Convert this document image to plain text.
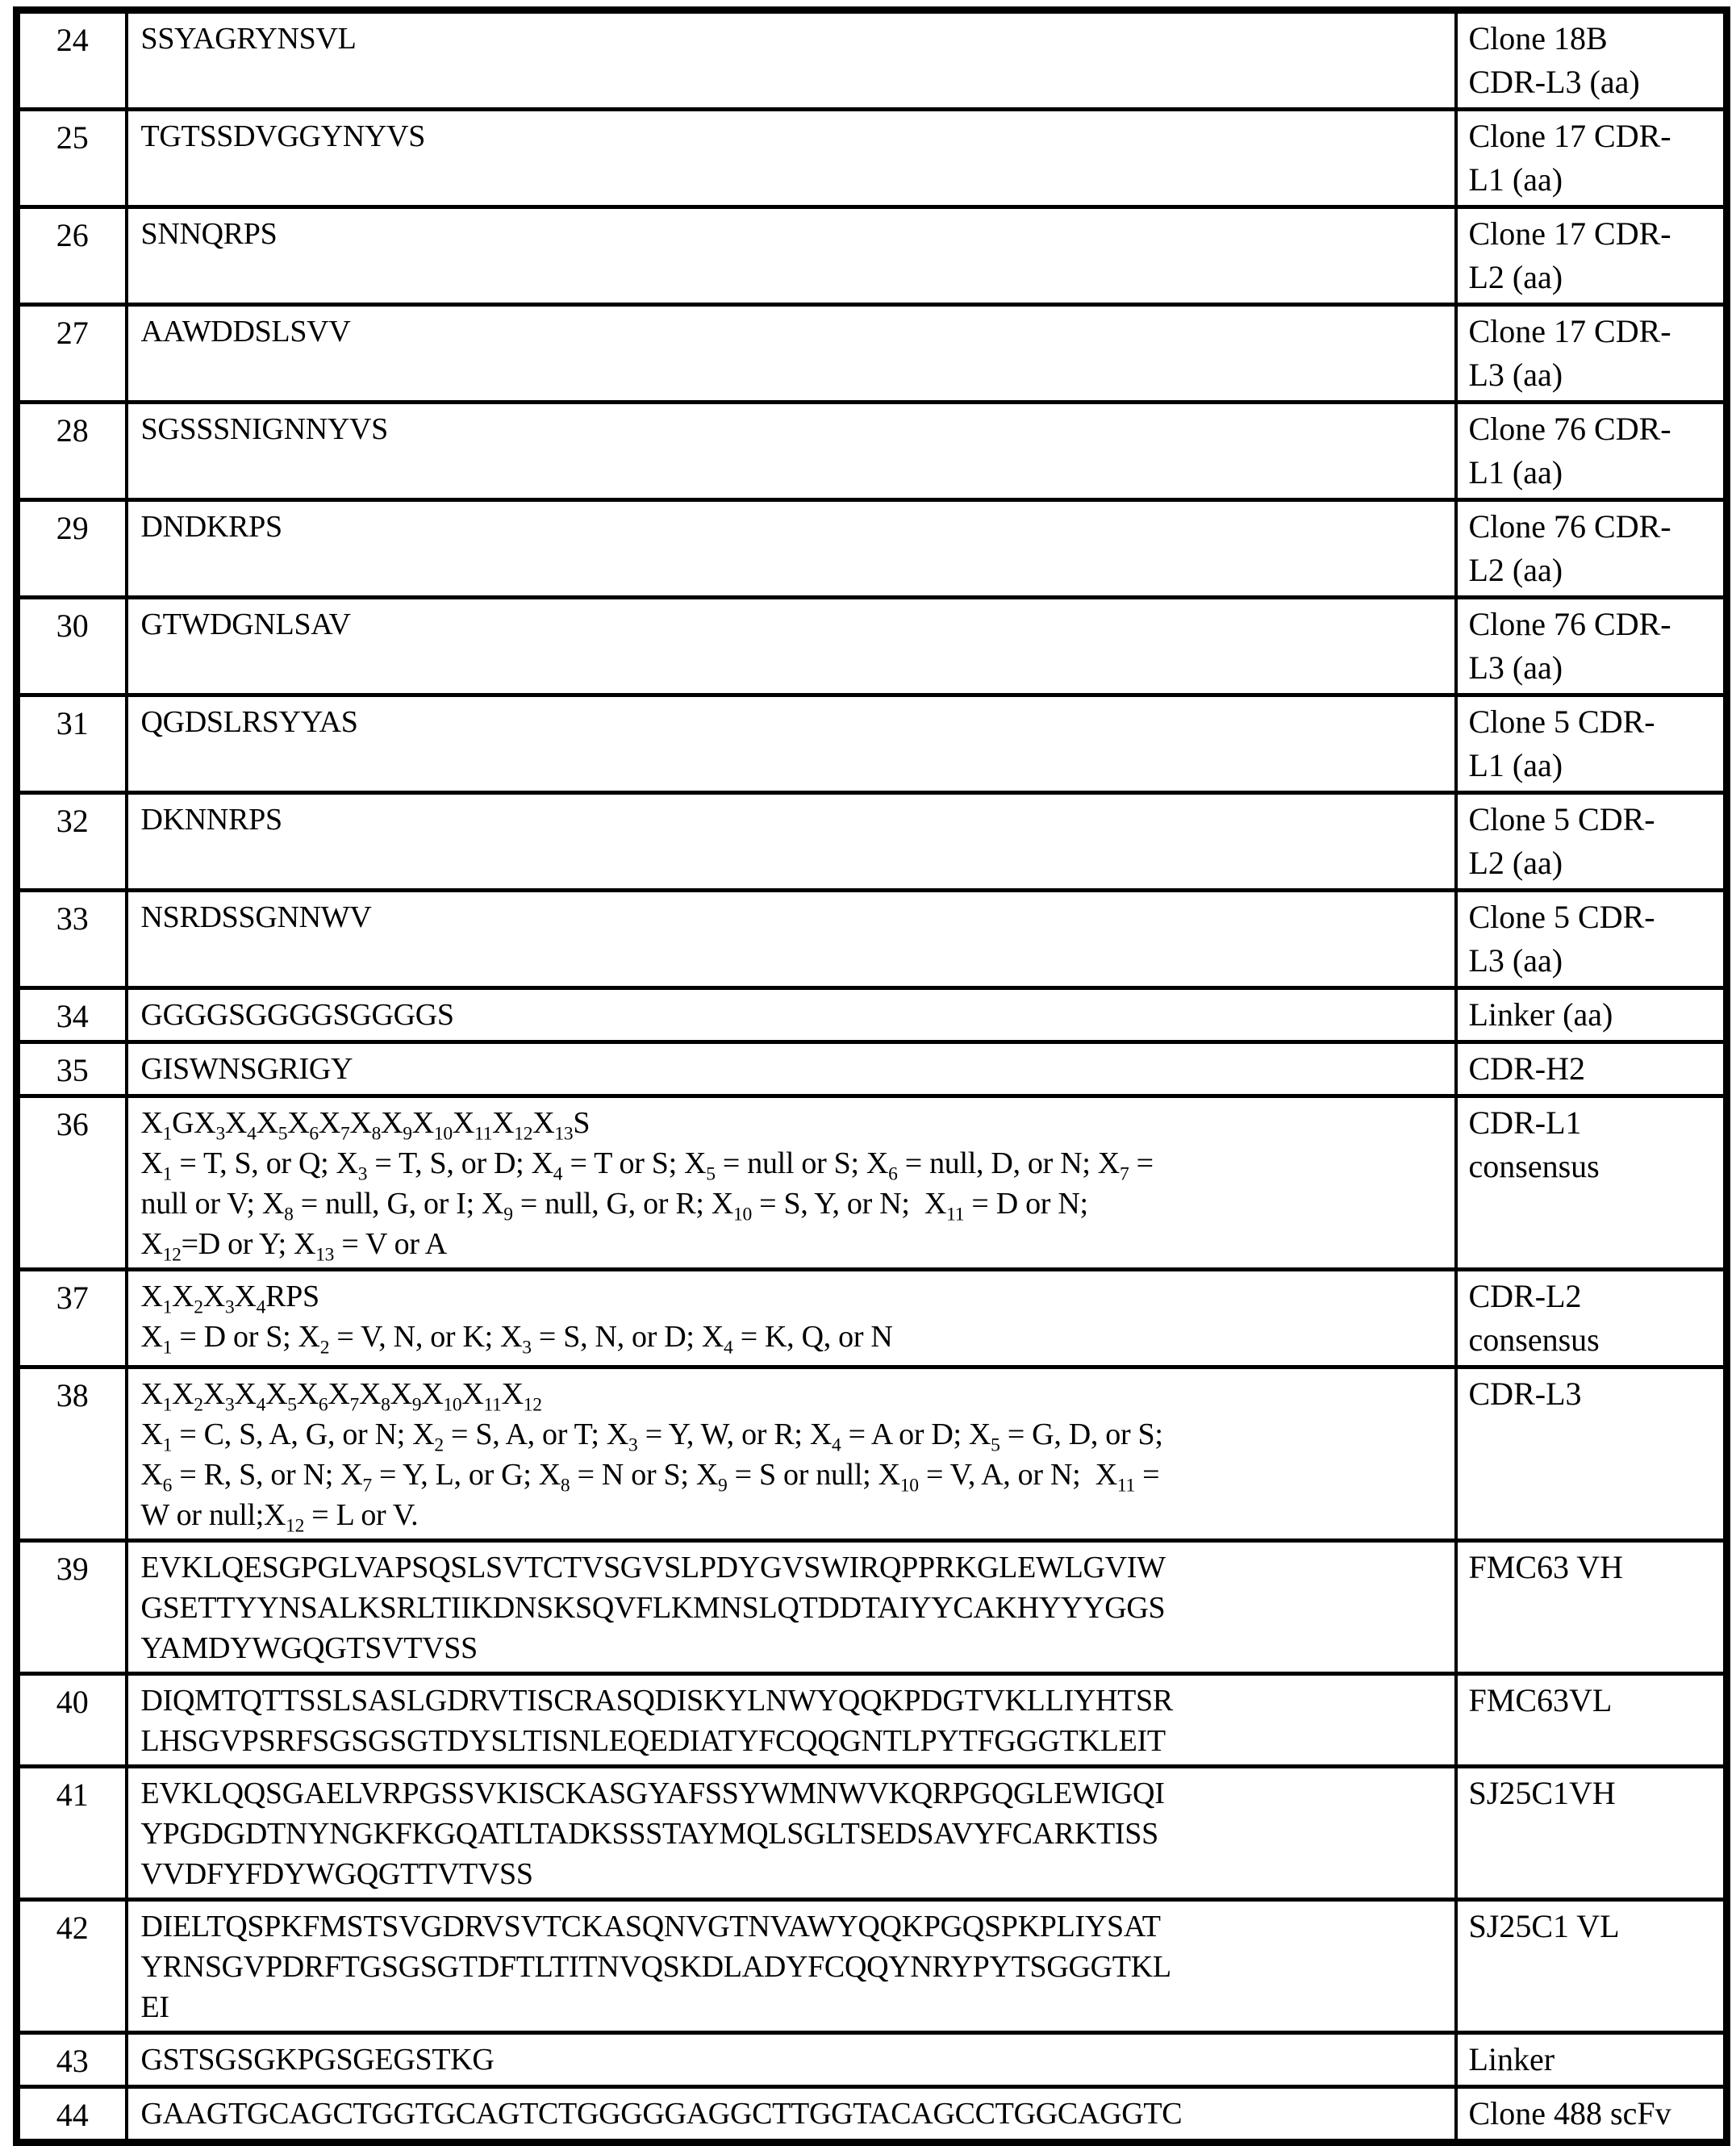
24	SSYAGRYNSVL	Clone 18B CDR-L3 (aa)
25	TGTSSDVGGYNYVS	Clone 17 CDR-L1 (aa)
26	SNNQRPS	Clone 17 CDR-L2 (aa)
27	AAWDDSLSVV	Clone 17 CDR-L3 (aa)
28	SGSSSNIGNNYVS	Clone 76 CDR-L1 (aa)
29	DNDKRPS	Clone 76 CDR-L2 (aa)
30	GTWDGNLSAV	Clone 76 CDR-L3 (aa)
31	QGDSLRSYYAS	Clone 5 CDR-L1 (aa)
32	DKNNRPS	Clone 5 CDR-L2 (aa)
33	NSRDSSGNNWV	Clone 5 CDR-L3 (aa)
34	GGGGSGGGGSGGGGS	Linker (aa)
35	GISWNSGRIGY	CDR-H2
36	$X_1GX_3X_4X_5X_6X_7X_8X_9X_{10}X_{11}X_{12}X_{13}S$
$X_1 = T$, S, or Q; $X_3 = T$, S, or D; $X_4 = T$ or S; $X_5$ = null or S; $X_6$ = null, D, or N; $X_7$ =
null or V; $X_8$ = null, G, or I; $X_9$ = null, G, or R; $X_{10} = S$, Y, or N;  $X_{11} = D$ or N;
$X_{12}=D$ or Y; $X_{13} = V$ or A	CDR-L1 consensus
37	$X_1X_2X_3X_4RPS$
$X_1 = D$ or S; $X_2 = V$, N, or K; $X_3 = S$, N, or D; $X_4 = K$, Q, or N	CDR-L2 consensus
38	$X_1X_2X_3X_4X_5X_6X_7X_8X_9X_{10}X_{11}X_{12}$
$X_1 = C$, S, A, G, or N; $X_2 = S$, A, or T; $X_3 = Y$, W, or R; $X_4 = A$ or D; $X_5 = G$, D, or S;
$X_6 = R$, S, or N; $X_7 = Y$, L, or G; $X_8 = N$ or S; $X_9 = S$ or null; $X_{10} = V$, A, or N;  $X_{11}$ =
W or $null;X_{12} = L$ or V.	CDR-L3
39	EVKLQESGPGLVAPSQSLSVTCTVSGVSLPDYGVSWIRQPPRKGLEWLGVIW
GSETTYYNSALKSRLTIIKDNSKSQVFLKMNSLQTDDTAIYYCAKHYYYGGS
YAMDYWGQGTSVTVSS	FMC63 VH
40	DIQMTQTTSSLSASLGDRVTISCRASQDISKYLNWYQQKPDGTVKLLIYHTSR
LHSGVPSRFSGSGSGTDYSLTISNLEQEDIATYFCQQGNTLPYTFGGGTKLEIT	FMC63VL
41	EVKLQQSGAELVRPGSSVKISCKASGYAFSSYWMNWVKQRPGQGLEWIGQI
YPGDGDTNYNGKFKGQATLTADKSSSTAYMQLSGLTSEDSAVYFCARKTISS
VVDFYFDYWGQGTTVTVSS	SJ25C1VH
42	DIELTQSPKFMSTSVGDRVSVTCKASQNVGTNVAWYQQKPGQSPKPLIYSAT
YRNSGVPDRFTGSGSGTDFTLTITNVQSKDLADYFCQQYNRYPYTSGGGTKL
EI	SJ25C1 VL
43	GSTSGSGKPGSGEGSTKG	Linker
44	GAAGTGCAGCTGGTGCAGTCTGGGGGAGGCTTGGTACAGCCTGGCAGGTC	Clone 488 scFv
